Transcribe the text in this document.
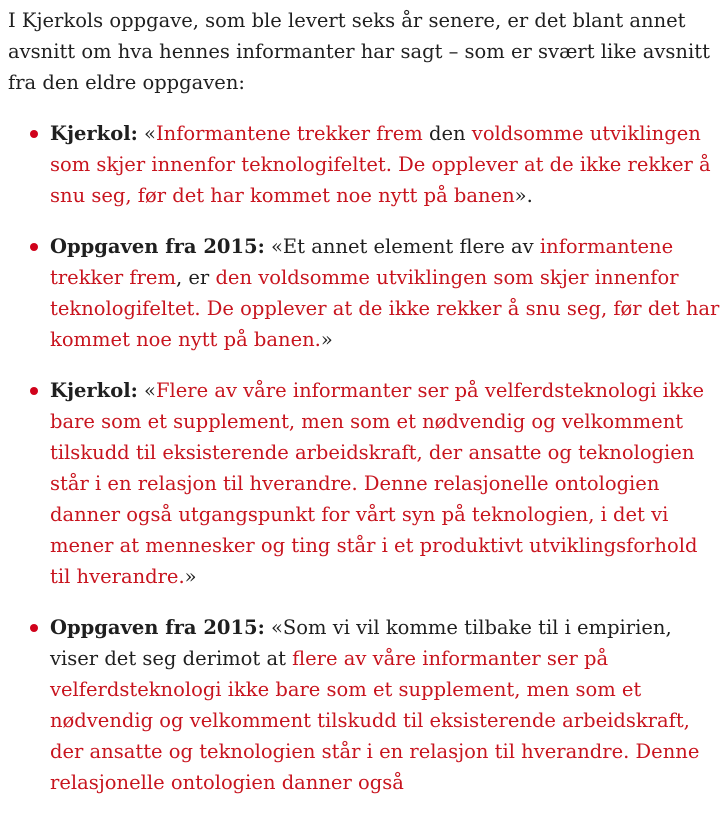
I Kjerkols oppgave, som ble levert seks år senere, er det blant annet avsnitt om hva hennes informanter har sagt – som er svært like avsnitt fra den eldre oppgaven:

Kjerkol: «Informantene trekker frem den voldsomme utviklingen som skjer innenfor teknologifeltet. De opplever at de ikke rekker å snu seg, før det har kommet noe nytt på banen».
Oppgaven fra 2015: «Et annet element flere av informantene trekker frem, er den voldsomme utviklingen som skjer innenfor teknologifeltet. De opplever at de ikke rekker å snu seg, før det har kommet noe nytt på banen.»
Kjerkol: «Flere av våre informanter ser på velferdsteknologi ikke bare som et supplement, men som et nødvendig og velkomment tilskudd til eksisterende arbeidskraft, der ansatte og teknologien står i en relasjon til hverandre. Denne relasjonelle ontologien danner også utgangspunkt for vårt syn på teknologien, i det vi mener at mennesker og ting står i et produktivt utviklingsforhold til hverandre.»
Oppgaven fra 2015: «Som vi vil komme tilbake til i empirien, viser det seg derimot at flere av våre informanter ser på velferdsteknologi ikke bare som et supplement, men som et nødvendig og velkomment tilskudd til eksisterende arbeidskraft, der ansatte og teknologien står i en relasjon til hverandre. Denne relasjonelle ontologien danner også
